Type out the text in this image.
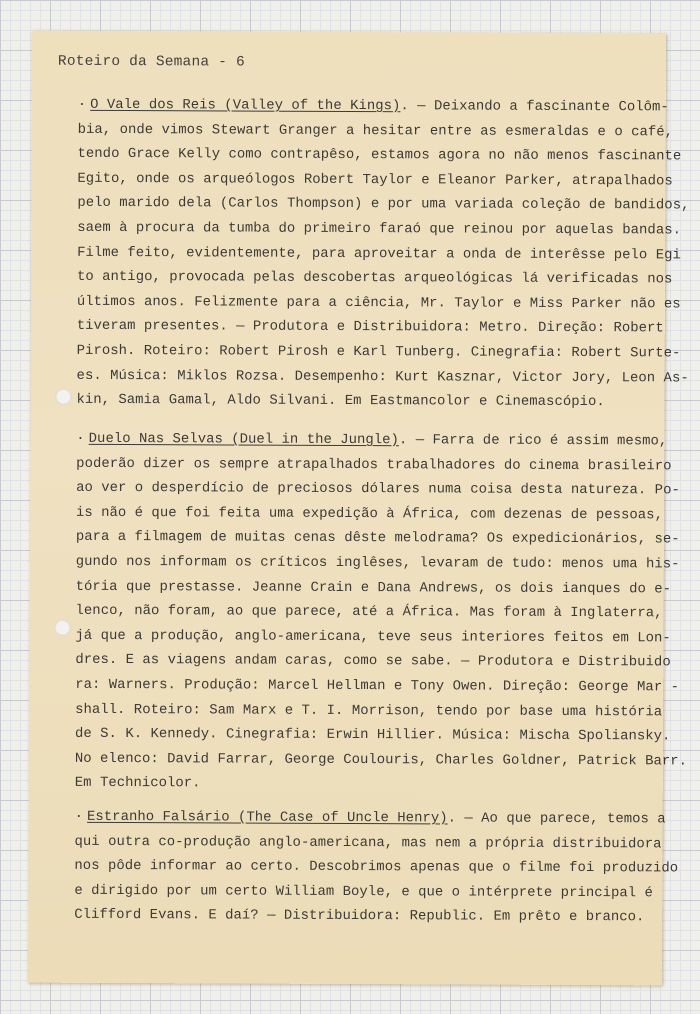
Roteiro da Semana - 6
· O Vale dos Reis (Valley of the Kings). — Deixando a fascinante Colôm-
bia, onde vimos Stewart Granger a hesitar entre as esmeraldas e o café,
tendo Grace Kelly como contrapêso, estamos agora no não menos fascinante
Egito, onde os arqueólogos Robert Taylor e Eleanor Parker, atrapalhados
pelo marido dela (Carlos Thompson) e por uma variada coleção de bandidos,
saem à procura da tumba do primeiro faraó que reinou por aquelas bandas.
Filme feito, evidentemente, para aproveitar a onda de interêsse pelo Egi
to antigo, provocada pelas descobertas arqueológicas lá verificadas nos
últimos anos. Felizmente para a ciência, Mr. Taylor e Miss Parker não es
tiveram presentes. — Produtora e Distribuidora: Metro. Direção: Robert
Pirosh. Roteiro: Robert Pirosh e Karl Tunberg. Cinegrafia: Robert Surte-
es. Música: Miklos Rozsa. Desempenho: Kurt Kasznar, Victor Jory, Leon As-
kin, Samia Gamal, Aldo Silvani. Em Eastmancolor e Cinemascópio.
· Duelo Nas Selvas (Duel in the Jungle). — Farra de rico é assim mesmo,
poderão dizer os sempre atrapalhados trabalhadores do cinema brasileiro
ao ver o desperdício de preciosos dólares numa coisa desta natureza. Po-
is não é que foi feita uma expedição à África, com dezenas de pessoas,
para a filmagem de muitas cenas dêste melodrama? Os expedicionários, se-
gundo nos informam os críticos inglêses, levaram de tudo: menos uma his-
tória que prestasse. Jeanne Crain e Dana Andrews, os dois ianques do e-
lenco, não foram, ao que parece, até a África. Mas foram à Inglaterra,
já que a produção, anglo-americana, teve seus interiores feitos em Lon-
dres. E as viagens andam caras, como se sabe. — Produtora e Distribuido
ra: Warners. Produção: Marcel Hellman e Tony Owen. Direção: George Mar -
shall. Roteiro: Sam Marx e T. I. Morrison, tendo por base uma história
de S. K. Kennedy. Cinegrafia: Erwin Hillier. Música: Mischa Spoliansky.
No elenco: David Farrar, George Coulouris, Charles Goldner, Patrick Barr.
Em Technicolor.
· Estranho Falsário (The Case of Uncle Henry). — Ao que parece, temos a
qui outra co-produção anglo-americana, mas nem a própria distribuidora
nos pôde informar ao certo. Descobrimos apenas que o filme foi produzido
e dirigido por um certo William Boyle, e que o intérprete principal é
Clifford Evans. E daí? — Distribuidora: Republic. Em prêto e branco.
